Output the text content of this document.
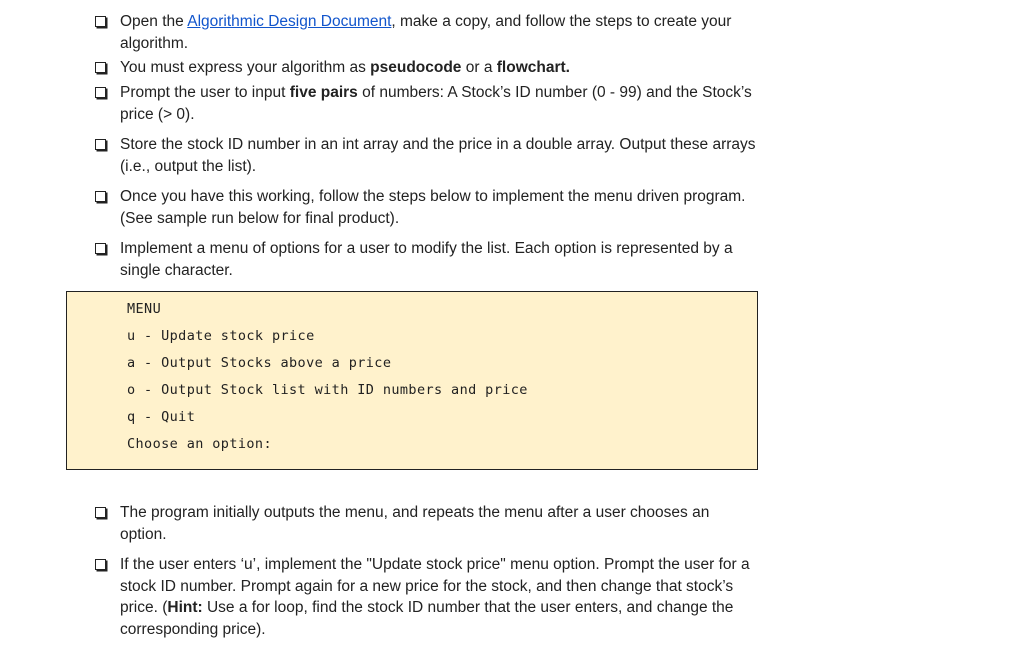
Open the Algorithmic Design Document, make a copy, and follow the steps to create your algorithm.
You must express your algorithm as pseudocode or a flowchart.
Prompt the user to input five pairs of numbers: A Stock’s ID number (0 - 99) and the Stock’s price (> 0).
Store the stock ID number in an int array and the price in a double array. Output these arrays (i.e., output the list).
Once you have this working, follow the steps below to implement the menu driven program. (See sample run below for final product).
Implement a menu of options for a user to modify the list. Each option is represented by a single character.
MENU
u - Update stock price
a - Output Stocks above a price
o - Output Stock list with ID numbers and price
q - Quit
Choose an option:
The program initially outputs the menu, and repeats the menu after a user chooses an option.
If the user enters ‘u’, implement the "Update stock price" menu option. Prompt the user for a stock ID number. Prompt again for a new price for the stock, and then change that stock’s price. (Hint: Use a for loop, find the stock ID number that the user enters, and change the corresponding price).
